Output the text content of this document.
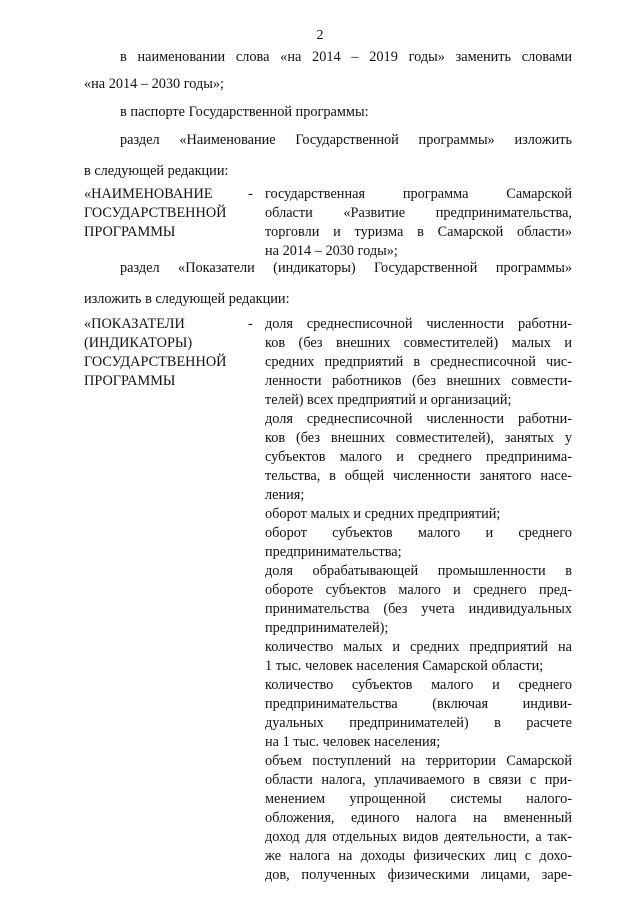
2
в наименовании слова «на 2014 – 2019 годы» заменить словами
«на 2014 – 2030 годы»;
в паспорте Государственной программы:
раздел «Наименование Государственной программы» изложить
в следующей редакции:
«НАИМЕНОВАНИЕ
ГОСУДАРСТВЕННОЙ
ПРОГРАММЫ
- государственная программа Самарской
области «Развитие предпринимательства,
торговли и туризма в Самарской области»
на 2014 – 2030 годы»;
раздел «Показатели (индикаторы) Государственной программы»
изложить в следующей редакции:
«ПОКАЗАТЕЛИ
(ИНДИКАТОРЫ)
ГОСУДАРСТВЕННОЙ
ПРОГРАММЫ
- доля среднесписочной численности работни-
ков (без внешних совместителей) малых и
средних предприятий в среднесписочной чис-
ленности работников (без внешних совмести-
телей) всех предприятий и организаций;
доля среднесписочной численности работни-
ков (без внешних совместителей), занятых у
субъектов малого и среднего предпринима-
тельства, в общей численности занятого насе-
ления;
оборот малых и средних предприятий;
оборот субъектов малого и среднего
предпринимательства;
доля обрабатывающей промышленности в
обороте субъектов малого и среднего пред-
принимательства (без учета индивидуальных
предпринимателей);
количество малых и средних предприятий на
1 тыс. человек населения Самарской области;
количество субъектов малого и среднего
предпринимательства (включая индиви-
дуальных предпринимателей) в расчете
на 1 тыс. человек населения;
объем поступлений на территории Самарской
области налога, уплачиваемого в связи с при-
менением упрощенной системы налого-
обложения, единого налога на вмененный
доход для отдельных видов деятельности, а так-
же налога на доходы физических лиц с дохо-
дов, полученных физическими лицами, заре-
